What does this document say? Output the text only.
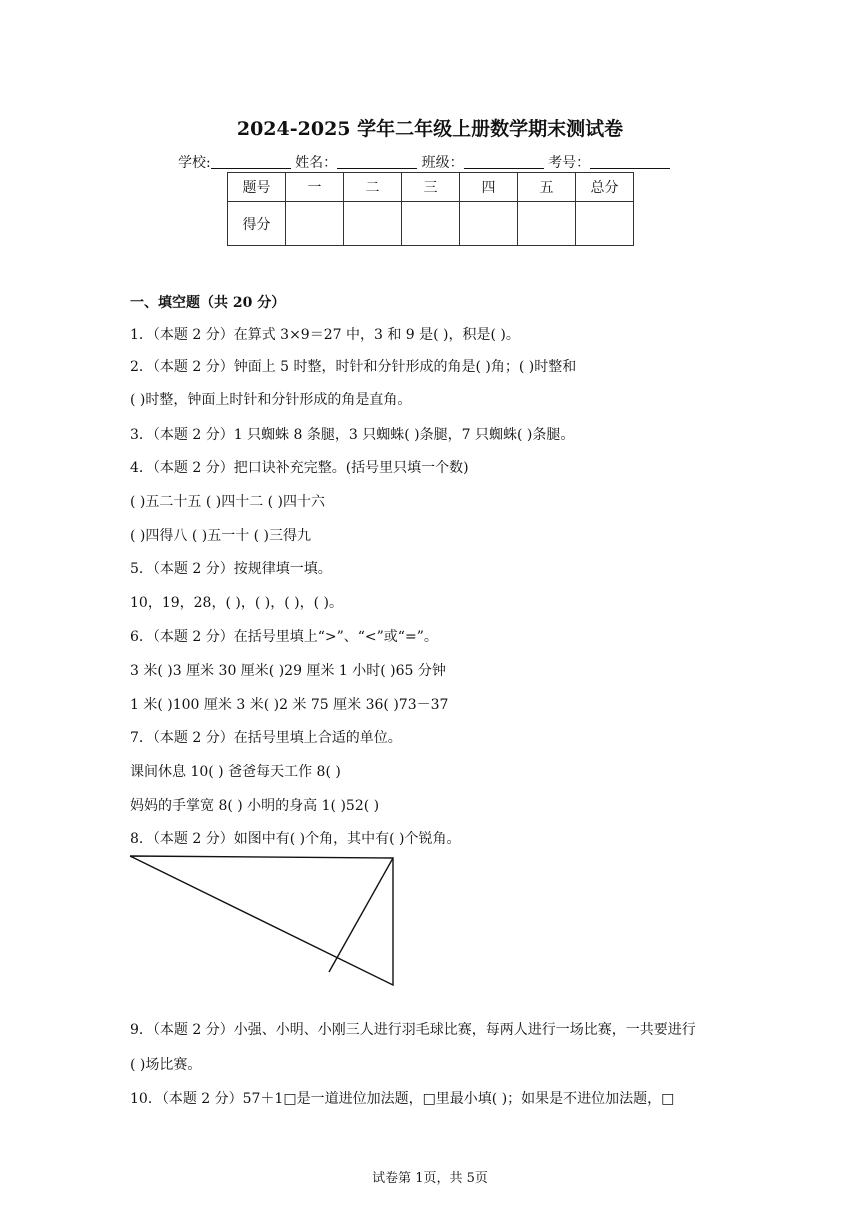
2024-2025 学年二年级上册数学期末测试卷
学校:	姓名：	班级：	考号：
题号	一	二	三	四	五	总分
得分						
一、填空题（共 20 分）
1．（本题 2 分）在算式 3×9＝27 中，3 和 9 是( )，积是( )。
2．（本题 2 分）钟面上 5 时整，时针和分针形成的角是( )角；( )时整和
( )时整，钟面上时针和分针形成的角是直角。
3．（本题 2 分）1 只蜘蛛 8 条腿，3 只蜘蛛( )条腿，7 只蜘蛛( )条腿。
4．（本题 2 分）把口诀补充完整。(括号里只填一个数)
( )五二十五 ( )四十二 ( )四十六
( )四得八 ( )五一十 ( )三得九
5．（本题 2 分）按规律填一填。
10，19，28，( )，( )，( )，( )。
6．（本题 2 分）在括号里填上“>”、“<”或“=”。
3 米( )3 厘米 30 厘米( )29 厘米 1 小时( )65 分钟
1 米( )100 厘米 3 米( )2 米 75 厘米 36( )73－37
7．（本题 2 分）在括号里填上合适的单位。
课间休息 10( ) 爸爸每天工作 8( )
妈妈的手掌宽 8( ) 小明的身高 1( )52( )
8．（本题 2 分）如图中有( )个角，其中有( )个锐角。
9．（本题 2 分）小强、小明、小刚三人进行羽毛球比赛，每两人进行一场比赛，一共要进行
( )场比赛。
10．（本题 2 分）57＋1□是一道进位加法题，□里最小填( )；如果是不进位加法题，□
试卷第 1页，共 5页
